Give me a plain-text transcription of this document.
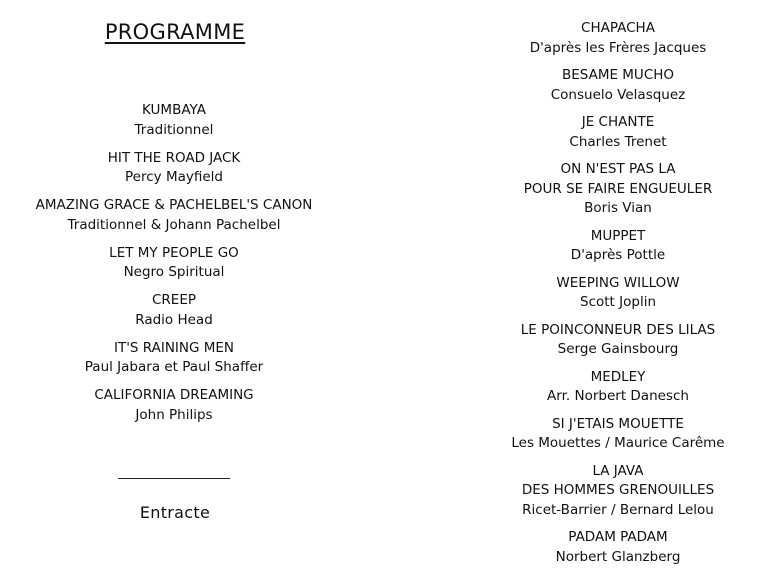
PROGRAMME
KUMBAYA
Traditionnel
HIT THE ROAD JACK
Percy Mayfield
AMAZING GRACE & PACHELBEL'S CANON
Traditionnel & Johann Pachelbel
LET MY PEOPLE GO
Negro Spiritual
CREEP
Radio Head
IT'S RAINING MEN
Paul Jabara et Paul Shaffer
CALIFORNIA DREAMING
John Philips
Entracte
CHAPACHA
D'après les Frères Jacques
BESAME MUCHO
Consuelo Velasquez
JE CHANTE
Charles Trenet
ON N'EST PAS LA
POUR SE FAIRE ENGUEULER
Boris Vian
MUPPET
D'après Pottle
WEEPING WILLOW
Scott Joplin
LE POINCONNEUR DES LILAS
Serge Gainsbourg
MEDLEY
Arr. Norbert Danesch
SI J'ETAIS MOUETTE
Les Mouettes / Maurice Carême
LA JAVA
DES HOMMES GRENOUILLES
Ricet-Barrier / Bernard Lelou
PADAM PADAM
Norbert Glanzberg
